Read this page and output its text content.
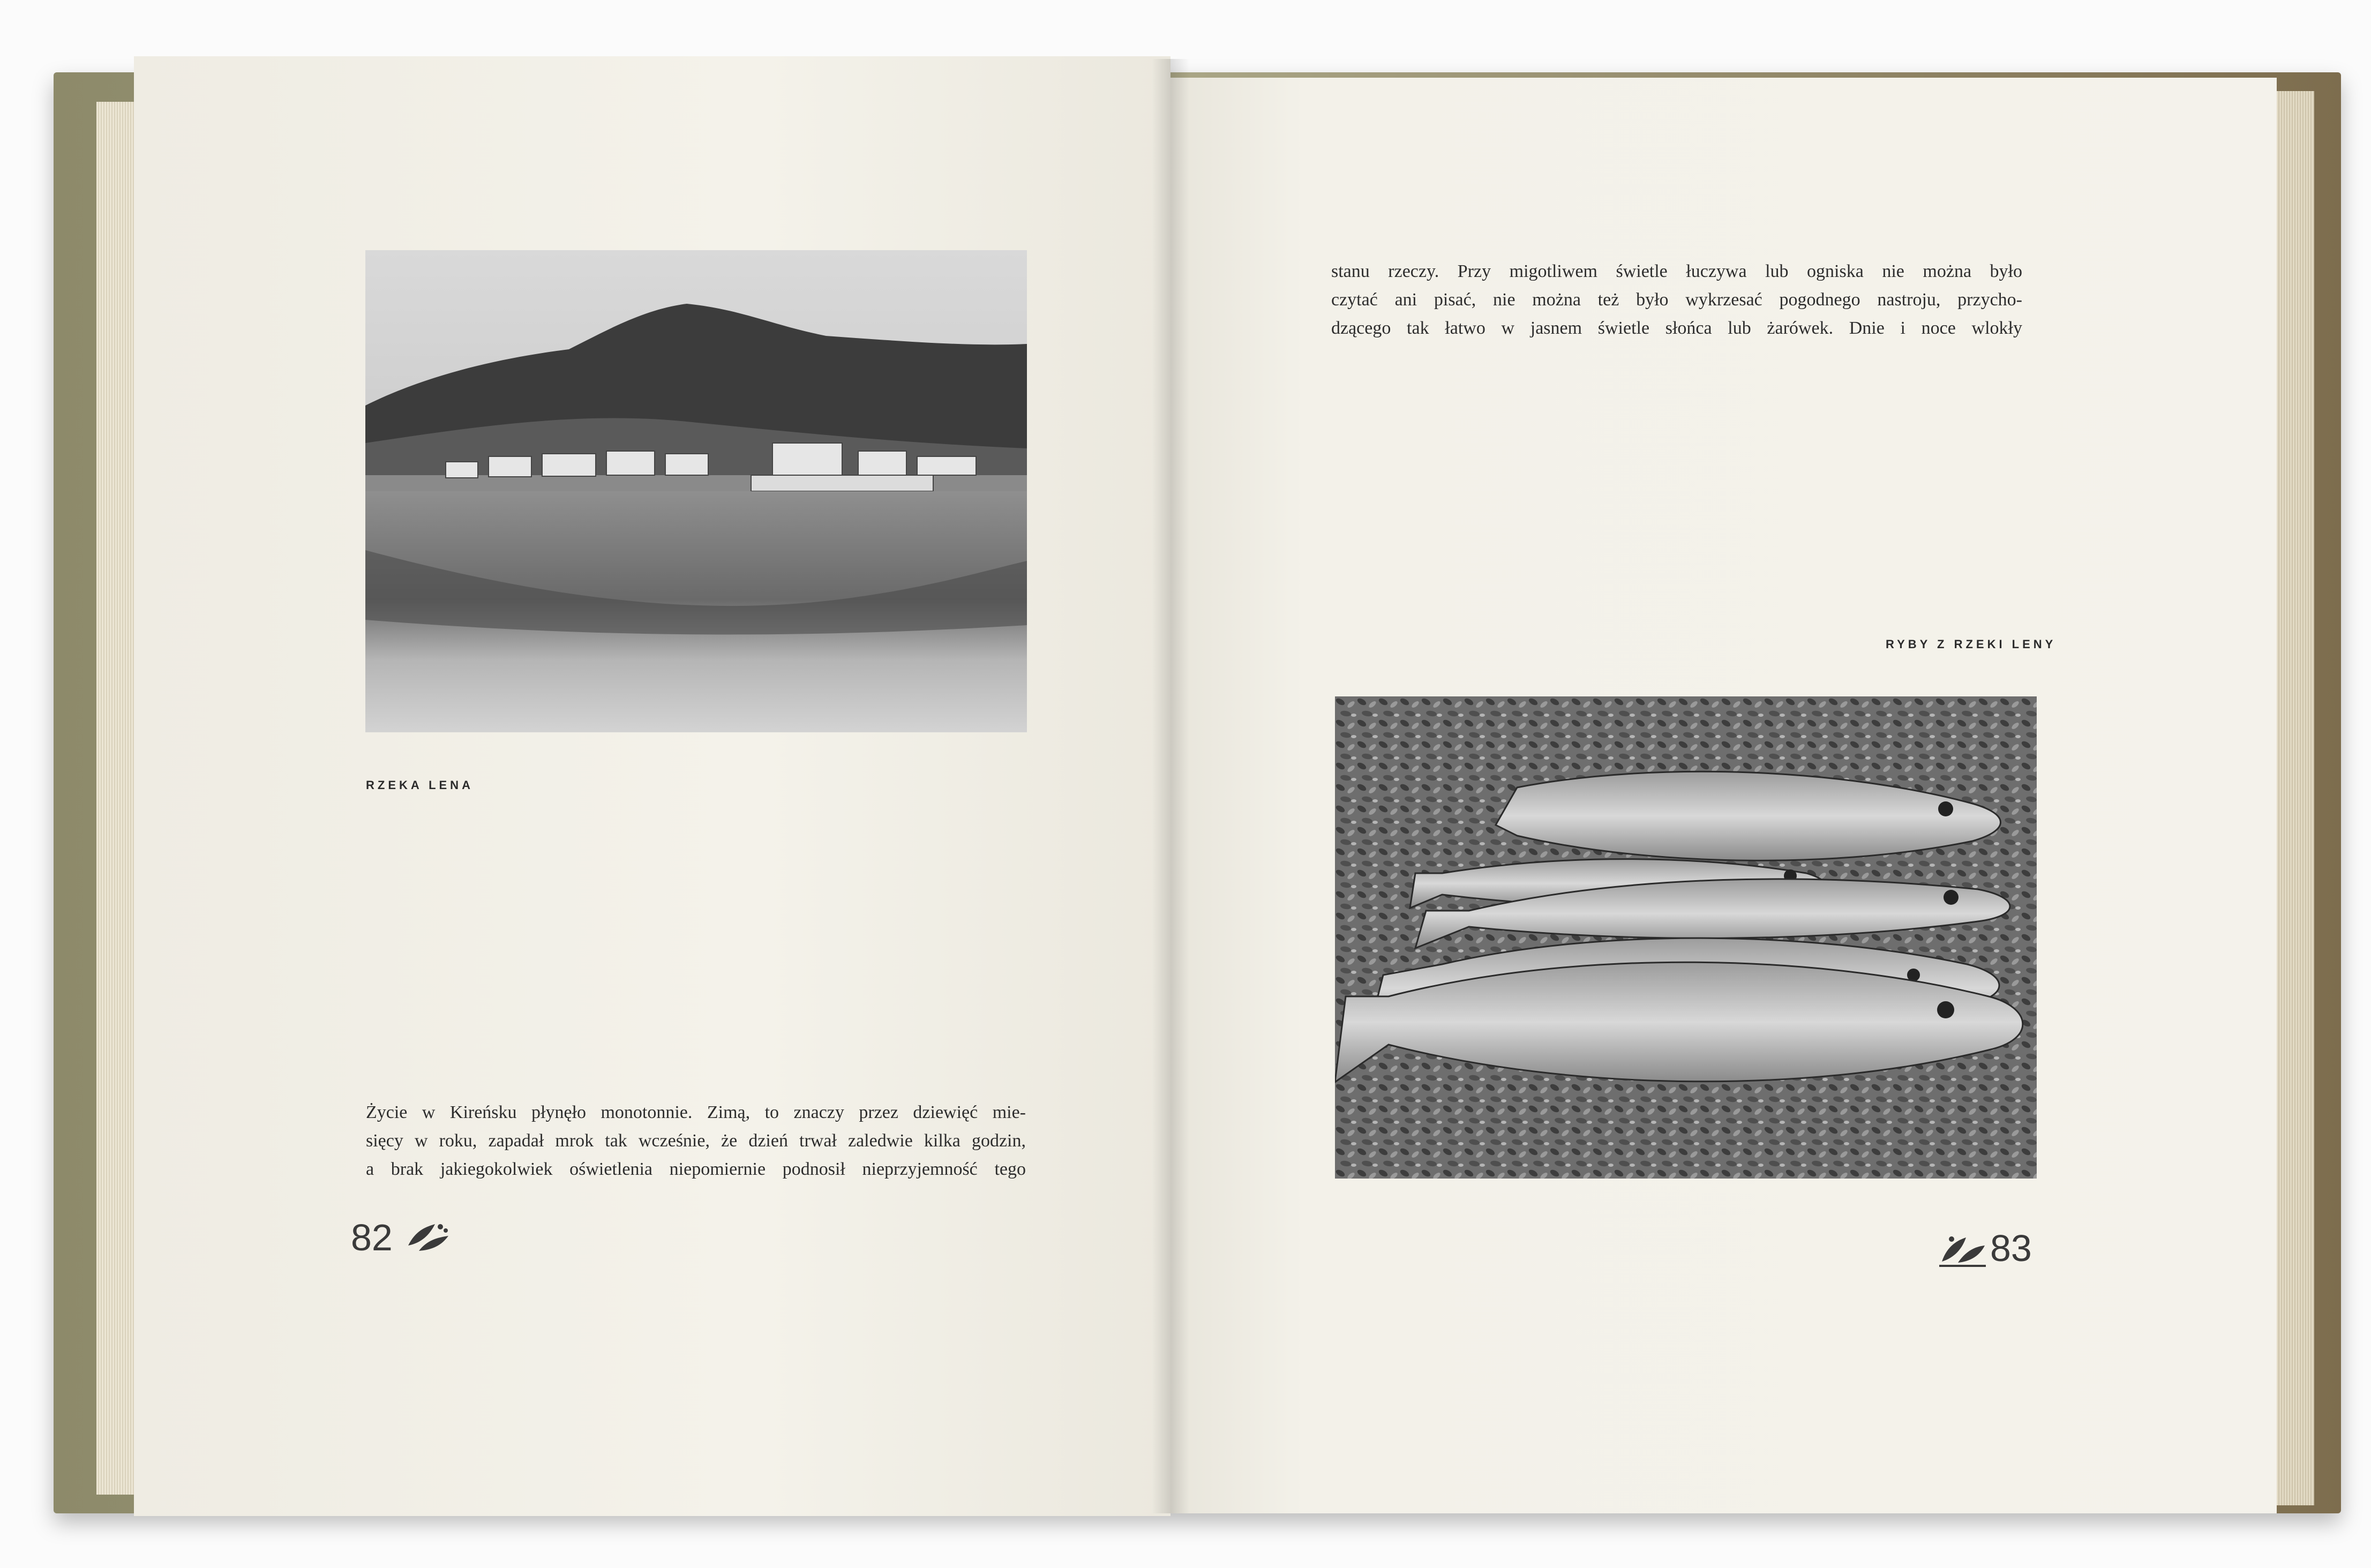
RZEKA LENA
Życie w Kireńsku płynęło monotonnie. Zimą, to znaczy przez dziewięć mie-
sięcy w roku, zapadał mrok tak wcześnie, że dzień trwał zaledwie kilka godzin,
a brak jakiegokolwiek oświetlenia niepomiernie podnosił nieprzyjemność tego
82
stanu rzeczy. Przy migotliwem świetle łuczywa lub ogniska nie można było
czytać ani pisać, nie można też było wykrzesać pogodnego nastroju, przycho-
dzącego tak łatwo w jasnem świetle słońca lub żarówek. Dnie i noce wlokły
RYBY Z RZEKI LENY
83
